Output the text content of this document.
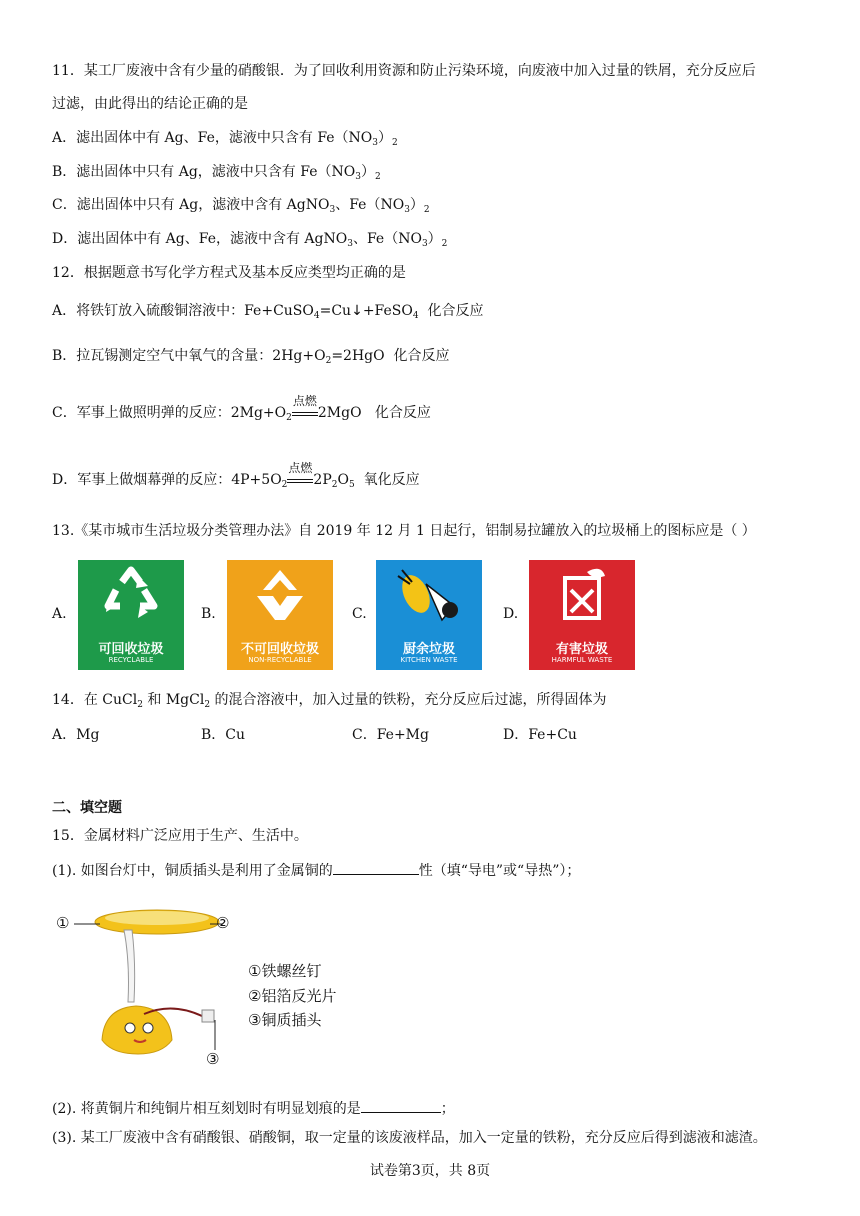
11．某工厂废液中含有少量的硝酸银．为了回收利用资源和防止污染环境，向废液中加入过量的铁屑，充分反应后
过滤，由此得出的结论正确的是
A．滤出固体中有 Ag、Fe，滤液中只含有 $Fe(NO_3)_2$
B．滤出固体中只有 Ag，滤液中只含有 $Fe(NO_3)_2$
C．滤出固体中只有 Ag，滤液中含有 AgNO$_3$、$Fe(NO_3)_2$
D．滤出固体中有 Ag、Fe，滤液中含有 AgNO$_3$、$Fe(NO_3)_2$
12．根据题意书写化学方程式及基本反应类型均正确的是
A．将铁钉放入硫酸铜溶液中：Fe+CuSO$_4$=Cu↓+FeSO$_4$ 化合反应
B．拉瓦锡测定空气中氧气的含量：$2Hg+O_2=2HgO$ 化合反应
C．军事上做照明弹的反应：$2Mg+O_2$
点燃
2MgO 化合反应
D．军事上做烟幕弹的反应：$4P+5O_2$
点燃
$2P_2O_5$ 氧化反应
13.《某市城市生活垃圾分类管理办法》自 2019 年 12 月 1 日起行，铝制易拉罐放入的垃圾桶上的图标应是（ ）
A.
可回收垃圾
RECYCLABLE
B.
不可回收垃圾
NON-RECYCLABLE
C.
厨余垃圾
KITCHEN WASTE
D.
有害垃圾
HARMFUL WASTE
14．在 CuCl$_2$ 和 MgCl$_2$ 的混合溶液中，加入过量的铁粉，充分反应后过滤，所得固体为
A．Mg	B．Cu	C．Fe+Mg	D．Fe+Cu
二、填空题
15．金属材料广泛应用于生产、生活中。
(1). 如图台灯中，铜质插头是利用了金属铜的	性（填“导电”或“导热”）；
①	②
③
①铁螺丝钉
②铝箔反光片
③铜质插头
(2). 将黄铜片和纯铜片相互刻划时有明显划痕的是	；
(3). 某工厂废液中含有硝酸银、硝酸铜，取一定量的该废液样品，加入一定量的铁粉，充分反应后得到滤液和滤渣。
试卷第3页，共 8页
